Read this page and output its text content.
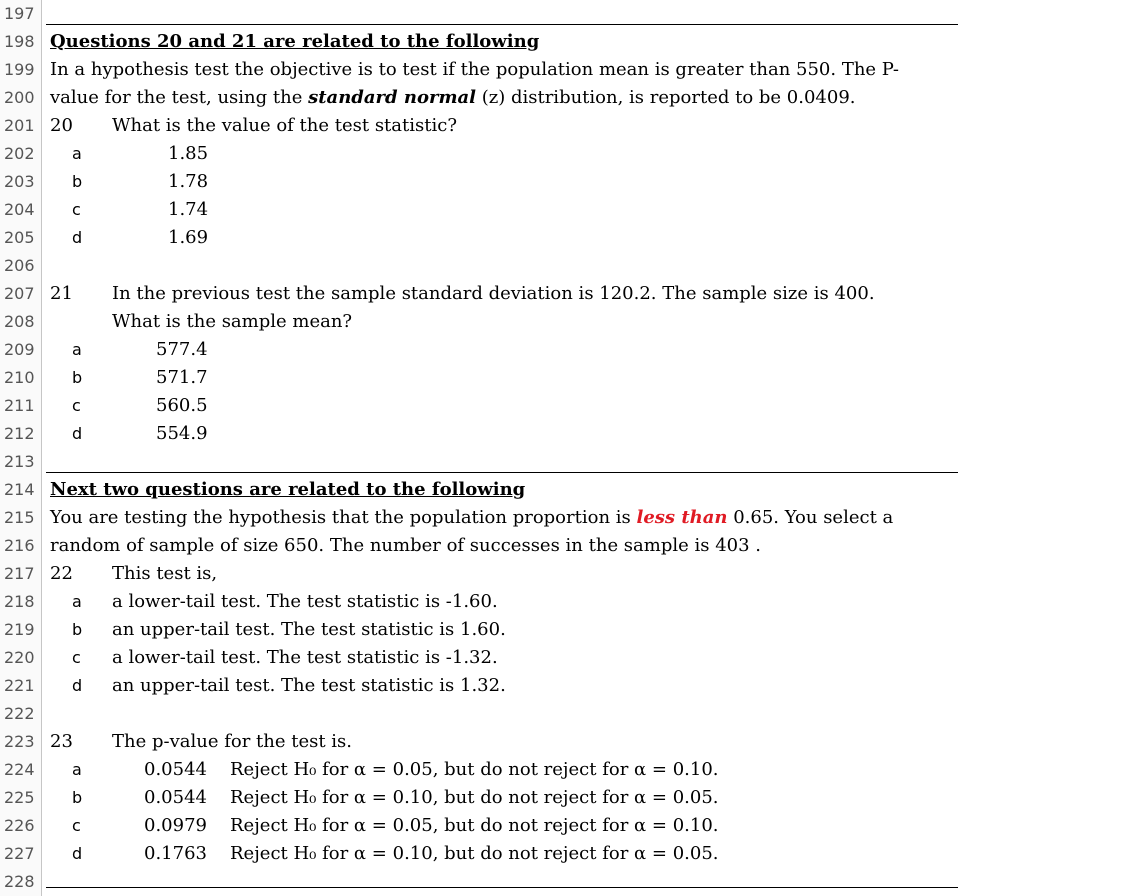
197
198 Questions 20 and 21 are related to the following
199 In a hypothesis test the objective is to test if the population mean is greater than 550. The P-
200 value for the test, using the standard normal (z) distribution, is reported to be 0.0409.
201 20 What is the value of the test statistic?
202	a	1.85
203	b	1.78
204	c	1.74
205	d	1.69
206
207 21 In the previous test the sample standard deviation is 120.2. The sample size is 400.
208	What is the sample mean?
209	a	577.4
210	b	571.7
211	c	560.5
212	d	554.9
213
214 Next two questions are related to the following
215 You are testing the hypothesis that the population proportion is less than 0.65. You select a
216 random of sample of size 650. The number of successes in the sample is 403 .
217 22 This test is,
218	a a lower-tail test. The test statistic is -1.60.
219	b an upper-tail test. The test statistic is 1.60.
220	c a lower-tail test. The test statistic is -1.32.
221	d an upper-tail test. The test statistic is 1.32.
222
223 23 The p-value for the test is.
224	a	0.0544 Reject H₀ for α = 0.05, but do not reject for α = 0.10.
225	b	0.0544 Reject H₀ for α = 0.10, but do not reject for α = 0.05.
226	c	0.0979 Reject H₀ for α = 0.05, but do not reject for α = 0.10.
227	d	0.1763 Reject H₀ for α = 0.10, but do not reject for α = 0.05.
228
